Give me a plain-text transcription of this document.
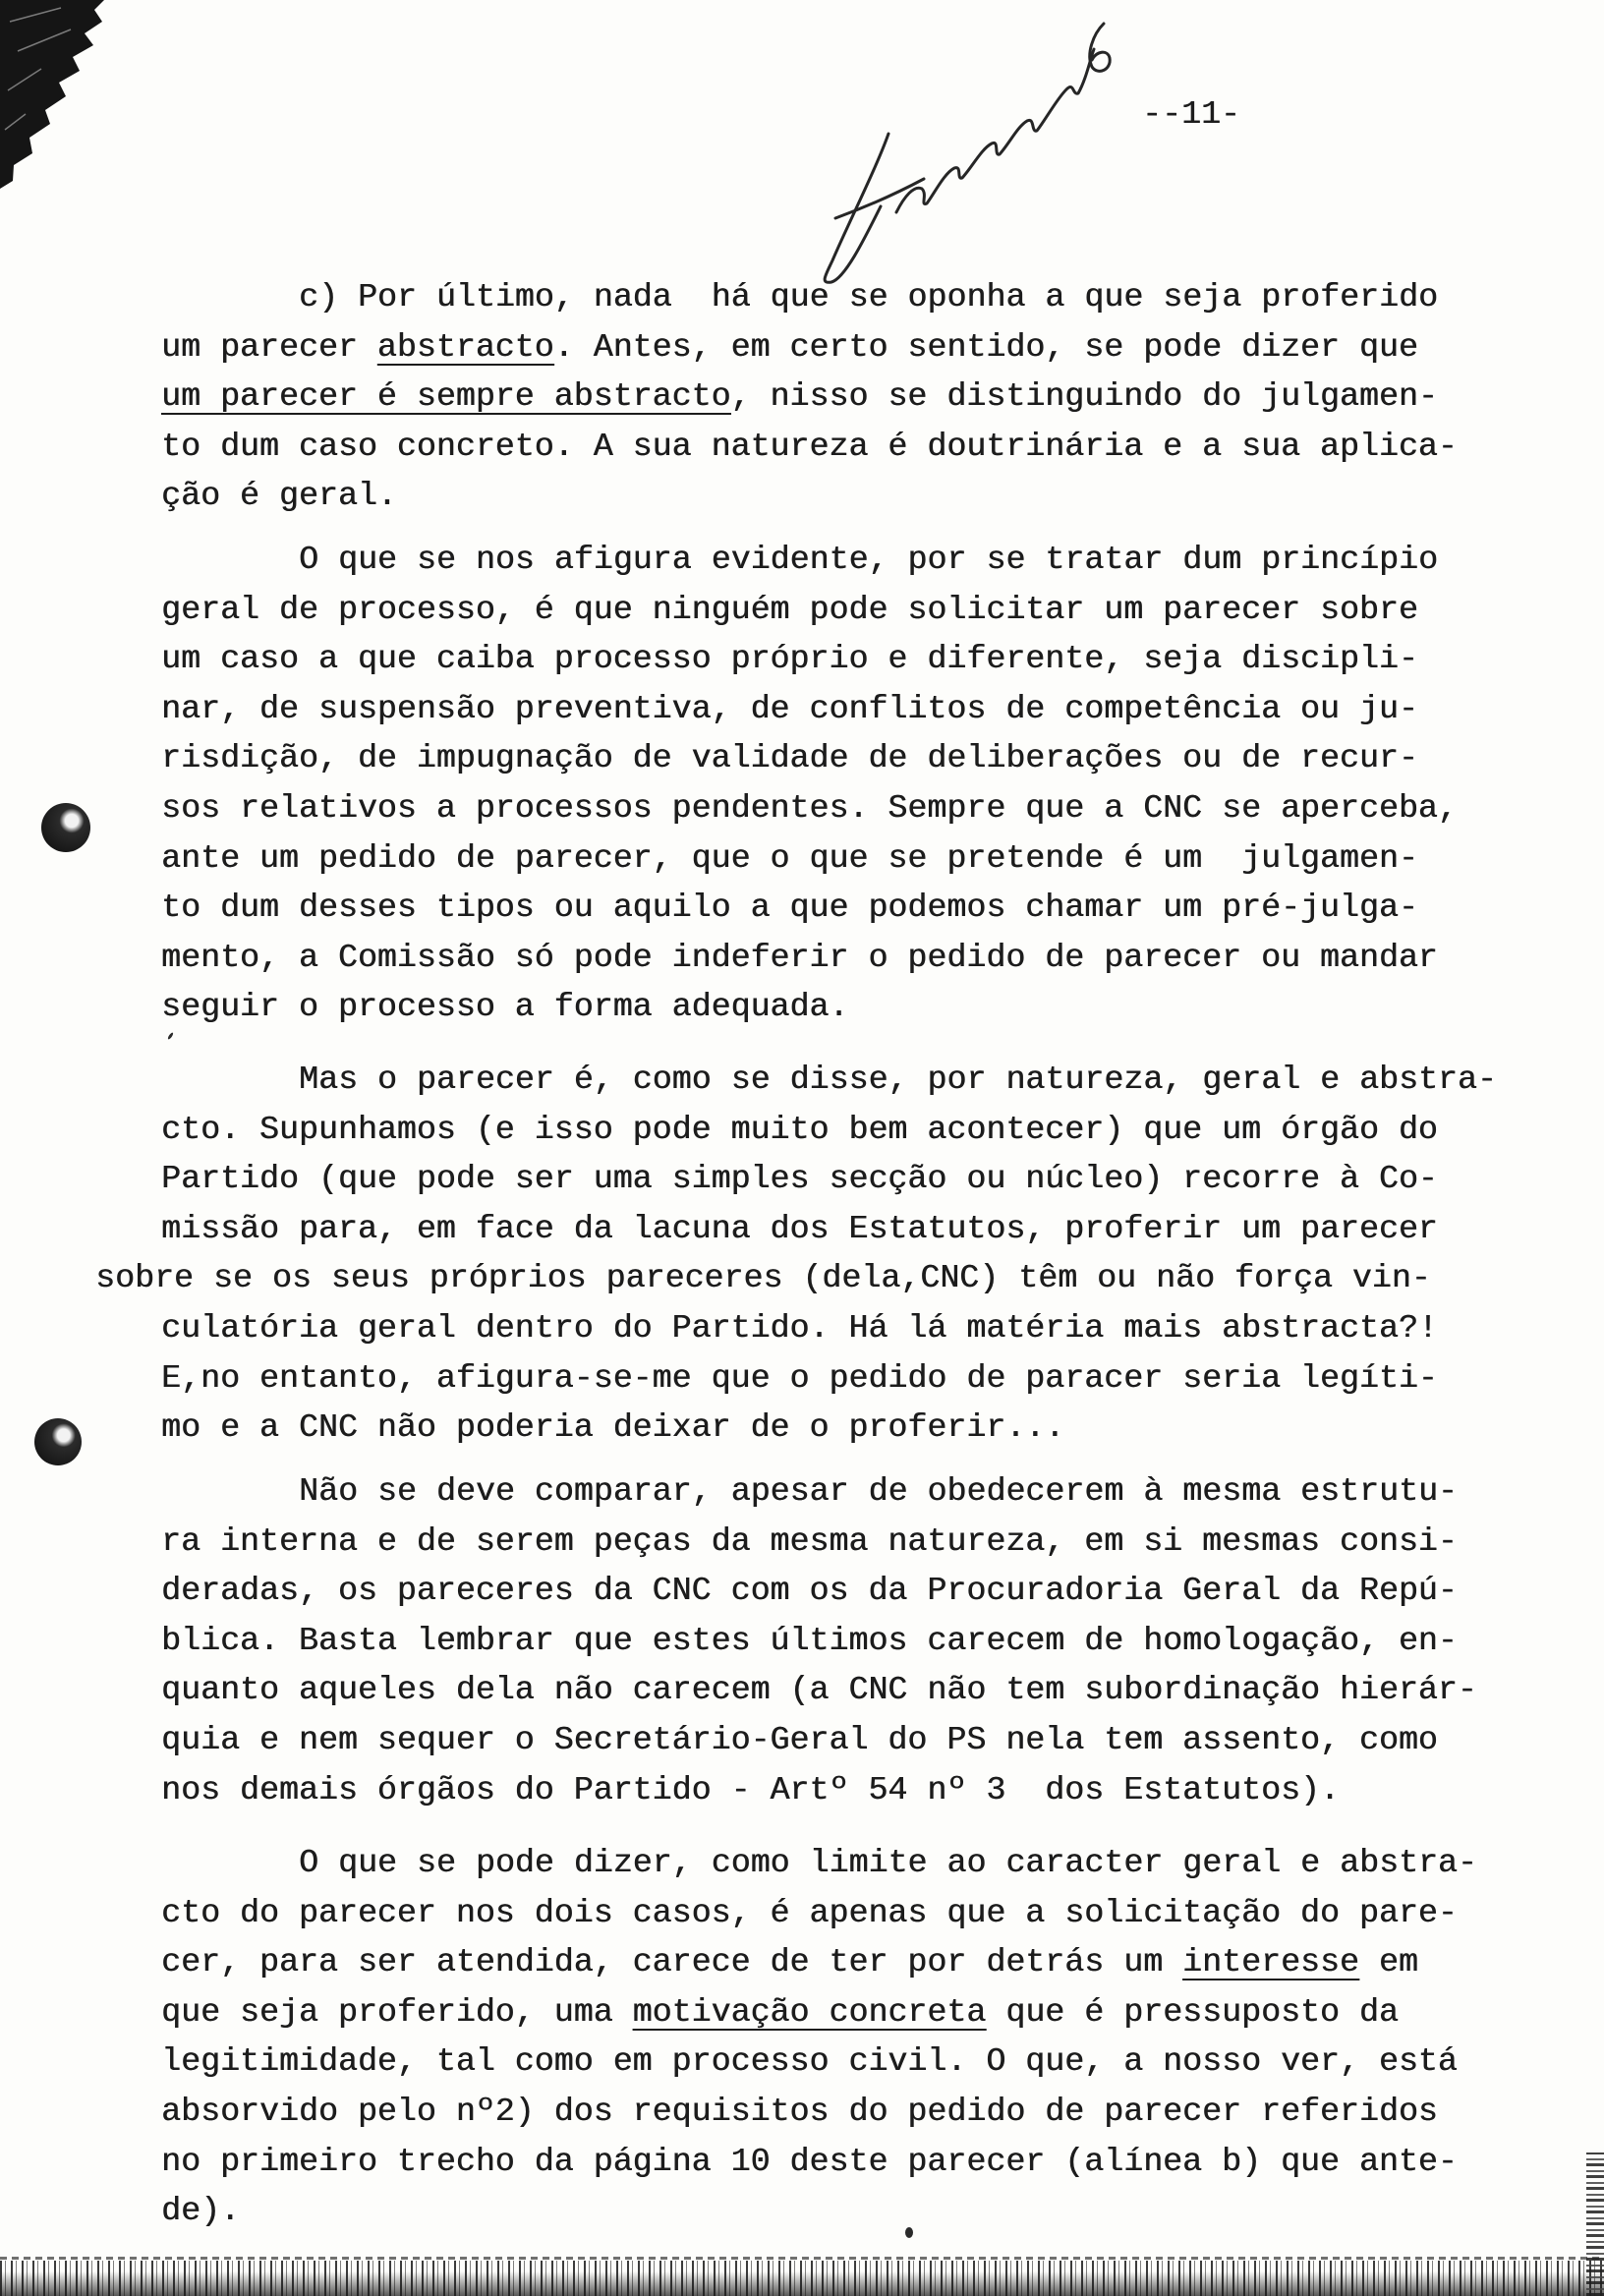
--11-
c) Por último, nada  há que se oponha a que seja proferido
um parecer abstracto. Antes, em certo sentido, se pode dizer que
um parecer é sempre abstracto, nisso se distinguindo do julgamen-
to dum caso concreto. A sua natureza é doutrinária e a sua aplica-
ção é geral.
O que se nos afigura evidente, por se tratar dum princípio
geral de processo, é que ninguém pode solicitar um parecer sobre
um caso a que caiba processo próprio e diferente, seja discipli-
nar, de suspensão preventiva, de conflitos de competência ou ju-
risdição, de impugnação de validade de deliberações ou de recur-
sos relativos a processos pendentes. Sempre que a CNC se aperceba,
ante um pedido de parecer, que o que se pretende é um  julgamen-
to dum desses tipos ou aquilo a que podemos chamar um pré-julga-
mento, a Comissão só pode indeferir o pedido de parecer ou mandar
seguir o processo a forma adequada.
Mas o parecer é, como se disse, por natureza, geral e abstra-
cto. Supunhamos (e isso pode muito bem acontecer) que um órgão do
Partido (que pode ser uma simples secção ou núcleo) recorre à Co-
missão para, em face da lacuna dos Estatutos, proferir um parecer
sobre se os seus próprios pareceres (dela,CNC) têm ou não força vin-
culatória geral dentro do Partido. Há lá matéria mais abstracta?!
E,no entanto, afigura-se-me que o pedido de paracer seria legíti-
mo e a CNC não poderia deixar de o proferir...
Não se deve comparar, apesar de obedecerem à mesma estrutu-
ra interna e de serem peças da mesma natureza, em si mesmas consi-
deradas, os pareceres da CNC com os da Procuradoria Geral da Repú-
blica. Basta lembrar que estes últimos carecem de homologação, en-
quanto aqueles dela não carecem (a CNC não tem subordinação hierár-
quia e nem sequer o Secretário-Geral do PS nela tem assento, como
nos demais órgãos do Partido - Artº 54 nº 3  dos Estatutos).
O que se pode dizer, como limite ao caracter geral e abstra-
cto do parecer nos dois casos, é apenas que a solicitação do pare-
cer, para ser atendida, carece de ter por detrás um interesse em
que seja proferido, uma motivação concreta que é pressuposto da
legitimidade, tal como em processo civil. O que, a nosso ver, está
absorvido pelo nº2) dos requisitos do pedido de parecer referidos
no primeiro trecho da página 10 deste parecer (alínea b) que ante-
de).
